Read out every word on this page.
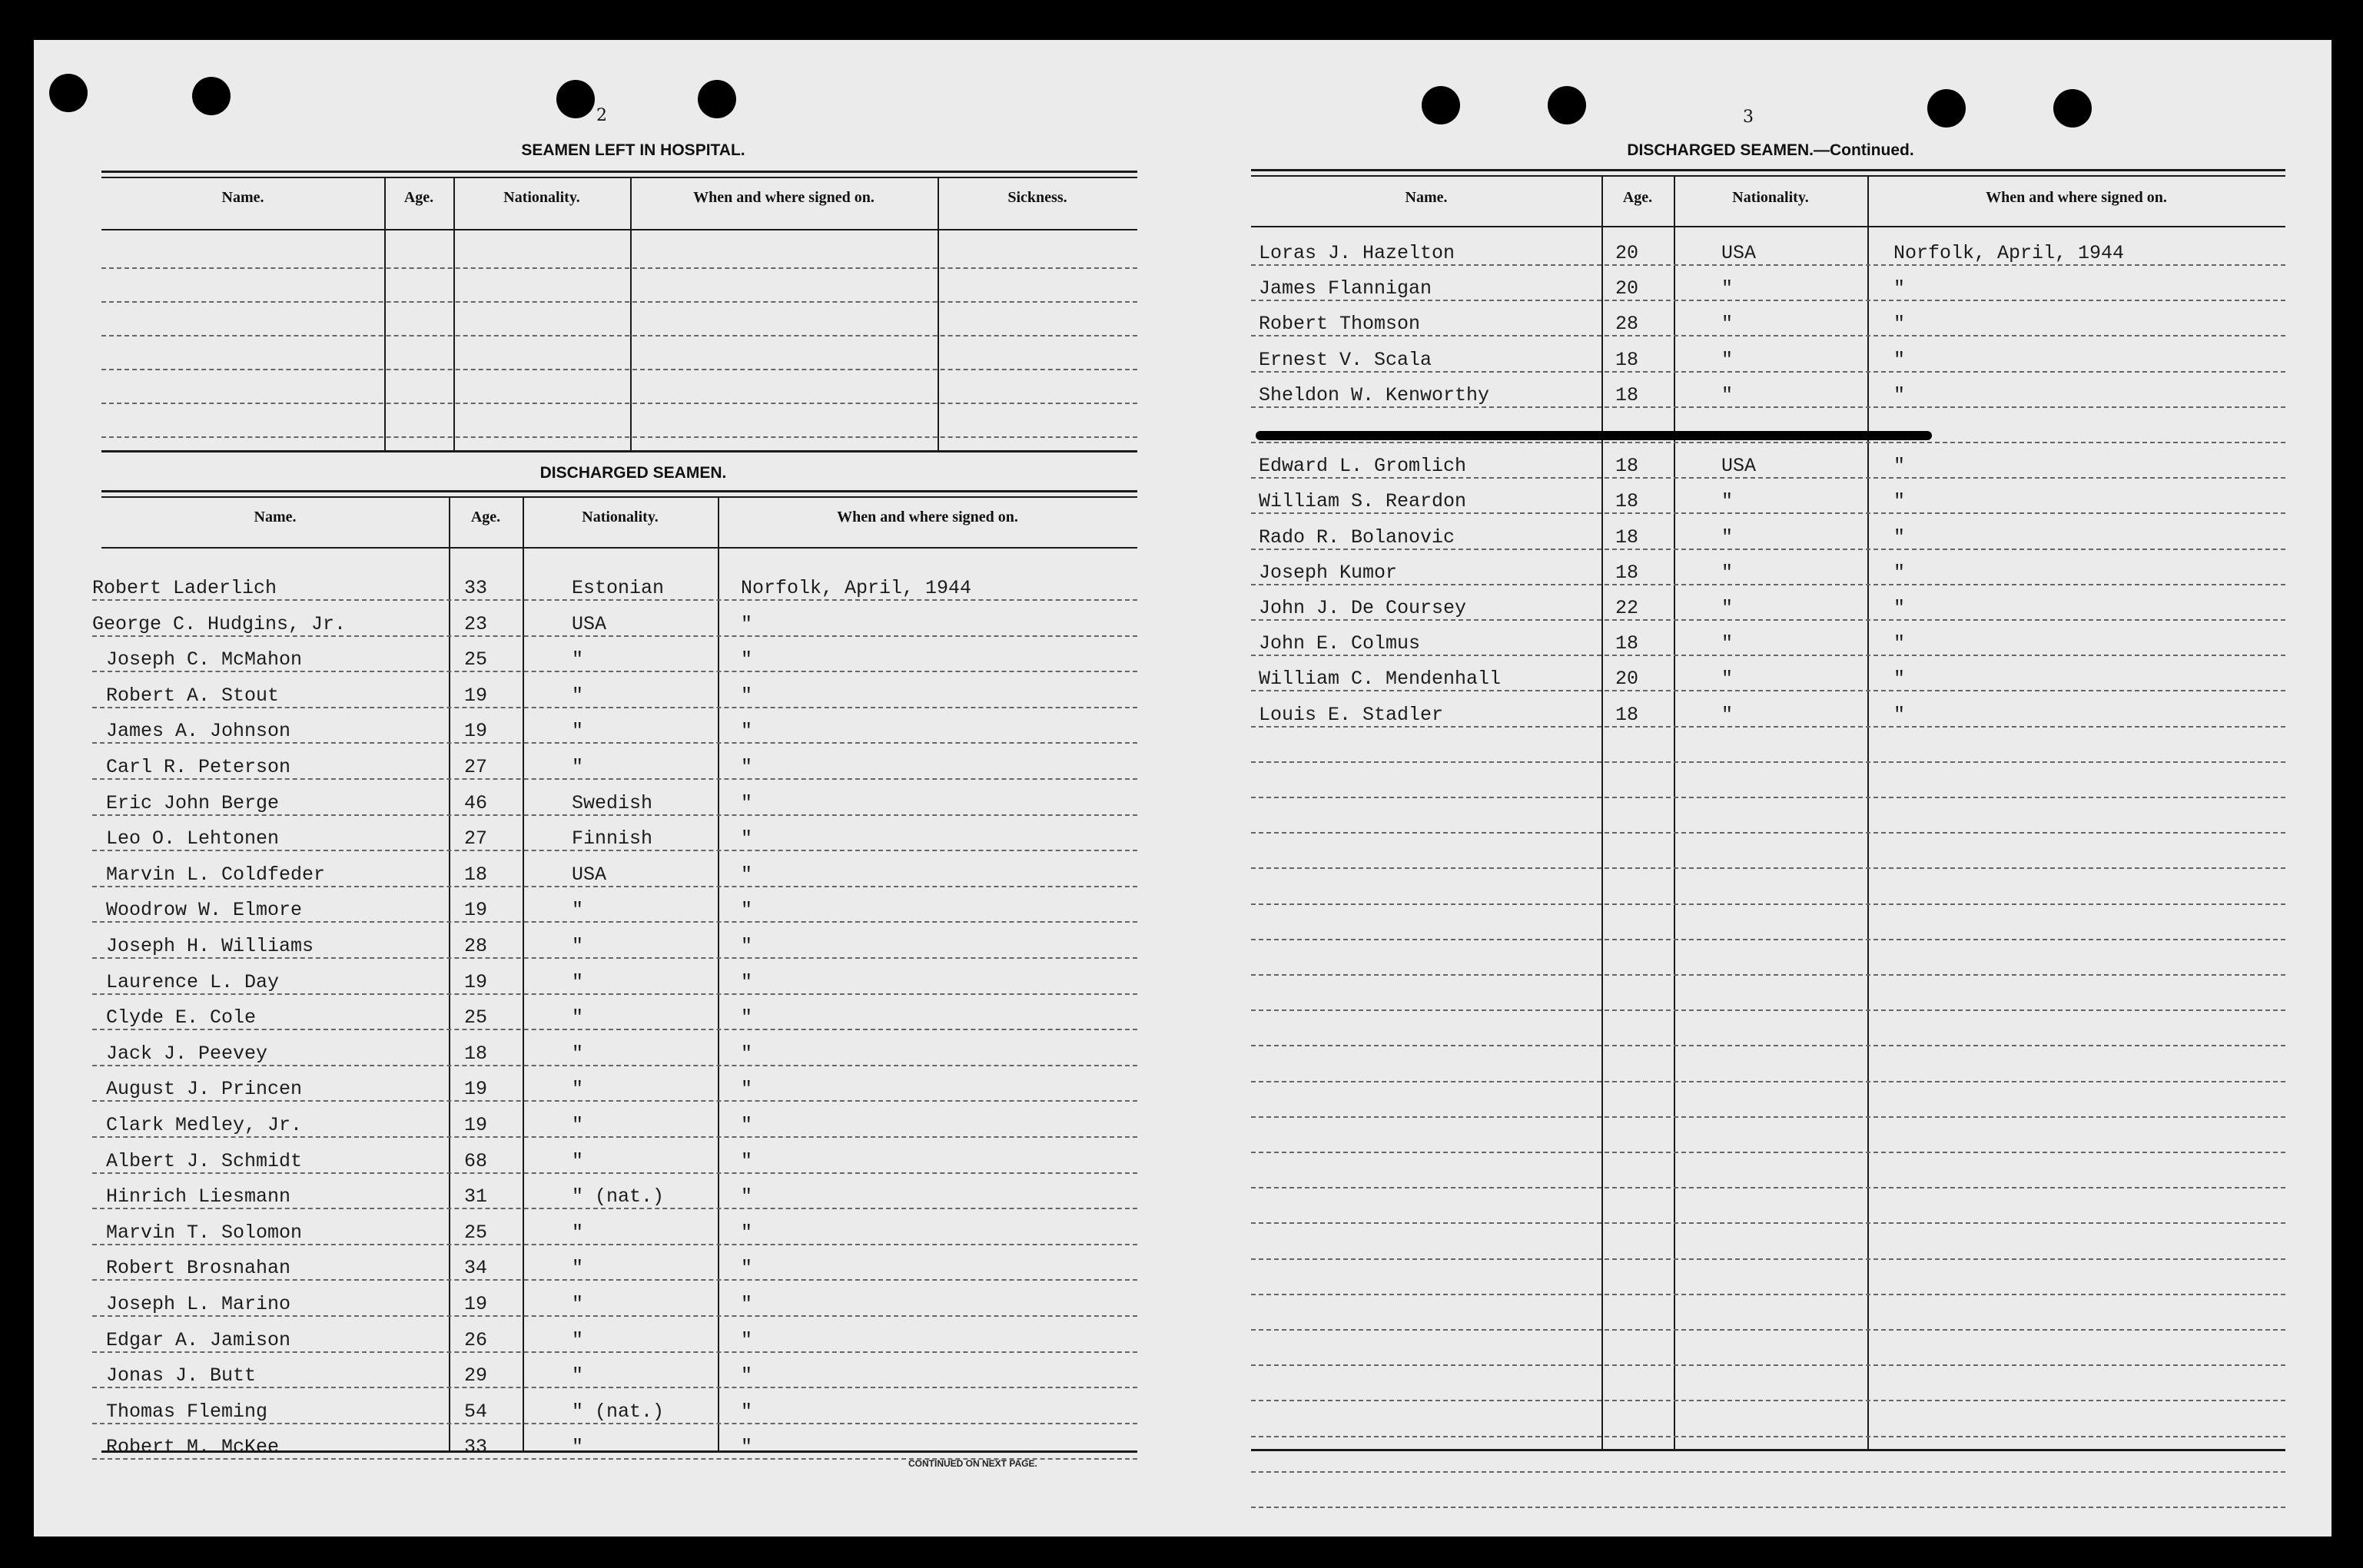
2
SEAMEN LEFT IN HOSPITAL.
Name.	Age.	Nationality.	When and where signed on.	Sickness.
DISCHARGED SEAMEN.
Name.	Age.	Nationality.	When and where signed on.
Robert Laderlich	33	Estonian	Norfolk, April, 1944
George C. Hudgins, Jr.	23	USA	"
Joseph C. McMahon	25	"	"
Robert A. Stout	19	"	"
James A. Johnson	19	"	"
Carl R. Peterson	27	"	"
Eric John Berge	46	Swedish	"
Leo O. Lehtonen	27	Finnish	"
Marvin L. Coldfeder	18	USA	"
Woodrow W. Elmore	19	"	"
Joseph H. Williams	28	"	"
Laurence L. Day	19	"	"
Clyde E. Cole	25	"	"
Jack J. Peevey	18	"	"
August J. Princen	19	"	"
Clark Medley, Jr.	19	"	"
Albert J. Schmidt	68	"	"
Hinrich Liesmann	31	" (nat.)	"
Marvin T. Solomon	25	"	"
Robert Brosnahan	34	"	"
Joseph L. Marino	19	"	"
Edgar A. Jamison	26	"	"
Jonas J. Butt	29	"	"
Thomas Fleming	54	" (nat.)	"
Robert M. McKee	33	"	"
CONTINUED ON NEXT PAGE.
3
DISCHARGED SEAMEN.—Continued.
Name.	Age.	Nationality.	When and where signed on.
Loras J. Hazelton	20	USA	Norfolk, April, 1944
James Flannigan	20	"	"
Robert Thomson	28	"	"
Ernest V. Scala	18	"	"
Sheldon W. Kenworthy	18	"	"
Edward L. Gromlich	18	USA	"
William S. Reardon	18	"	"
Rado R. Bolanovic	18	"	"
Joseph Kumor	18	"	"
John J. De Coursey	22	"	"
John E. Colmus	18	"	"
William C. Mendenhall	20	"	"
Louis E. Stadler	18	"	"
